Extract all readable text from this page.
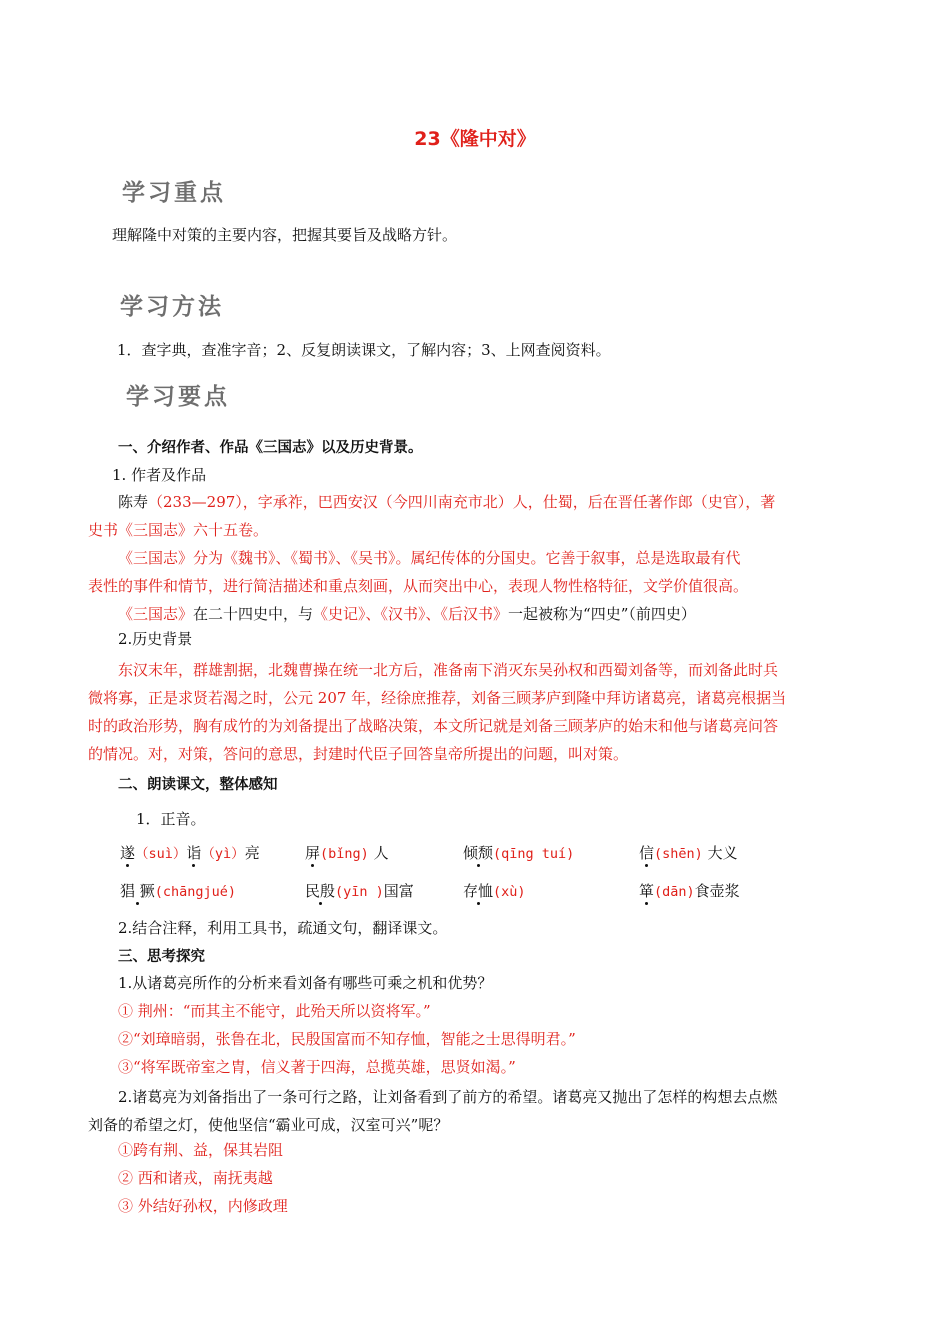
23《隆中对》
学习重点
理解隆中对策的主要内容，把握其要旨及战略方针。
学习方法
1．查字典，查准字音；2、反复朗读课文，了解内容；3、上网查阅资料。
学习要点
一、介绍作者、作品《三国志》以及历史背景。
1. 作者及作品
陈寿（233—297），字承祚，巴西安汉（今四川南充市北）人，仕蜀，后在晋任著作郎（史官），著
史书《三国志》六十五卷。
《三国志》分为《魏书》、《蜀书》、《吴书》。属纪传体的分国史。它善于叙事，总是选取最有代
表性的事件和情节，进行简洁描述和重点刻画，从而突出中心，表现人物性格特征，文学价值很高。
《三国志》在二十四史中，与《史记》、《汉书》、《后汉书》一起被称为“四史”（前四史）
2.历史背景
东汉末年，群雄割据，北魏曹操在统一北方后，准备南下消灭东吴孙权和西蜀刘备等，而刘备此时兵
微将寡，正是求贤若渴之时，公元 207 年，经徐庶推荐，刘备三顾茅庐到隆中拜访诸葛亮，诸葛亮根据当
时的政治形势，胸有成竹的为刘备提出了战略决策，本文所记就是刘备三顾茅庐的始末和他与诸葛亮问答
的情况。对，对策，答问的意思，封建时代臣子回答皇帝所提出的问题，叫对策。
二、朗读课文，整体感知
1．正音。
遂（suì）诣（yì）亮	屏(bǐng) 人	倾颓(qīng tuí)	信(shēn) 大义
猖 獗(chāngjué)	民殷(yīn )国富	存恤(xù)	箪(dān)食壶浆
2.结合注释，利用工具书，疏通文句，翻译课文。
三、思考探究
1.从诸葛亮所作的分析来看刘备有哪些可乘之机和优势？
① 荆州：“而其主不能守，此殆天所以资将军。”
②“刘璋暗弱，张鲁在北，民殷国富而不知存恤，智能之士思得明君。”
③“将军既帝室之胄，信义著于四海，总揽英雄，思贤如渴。”
2.诸葛亮为刘备指出了一条可行之路，让刘备看到了前方的希望。诸葛亮又抛出了怎样的构想去点燃
刘备的希望之灯，使他坚信“霸业可成，汉室可兴”呢？
①跨有荆、益，保其岩阻
② 西和诸戎，南抚夷越
③ 外结好孙权，内修政理
